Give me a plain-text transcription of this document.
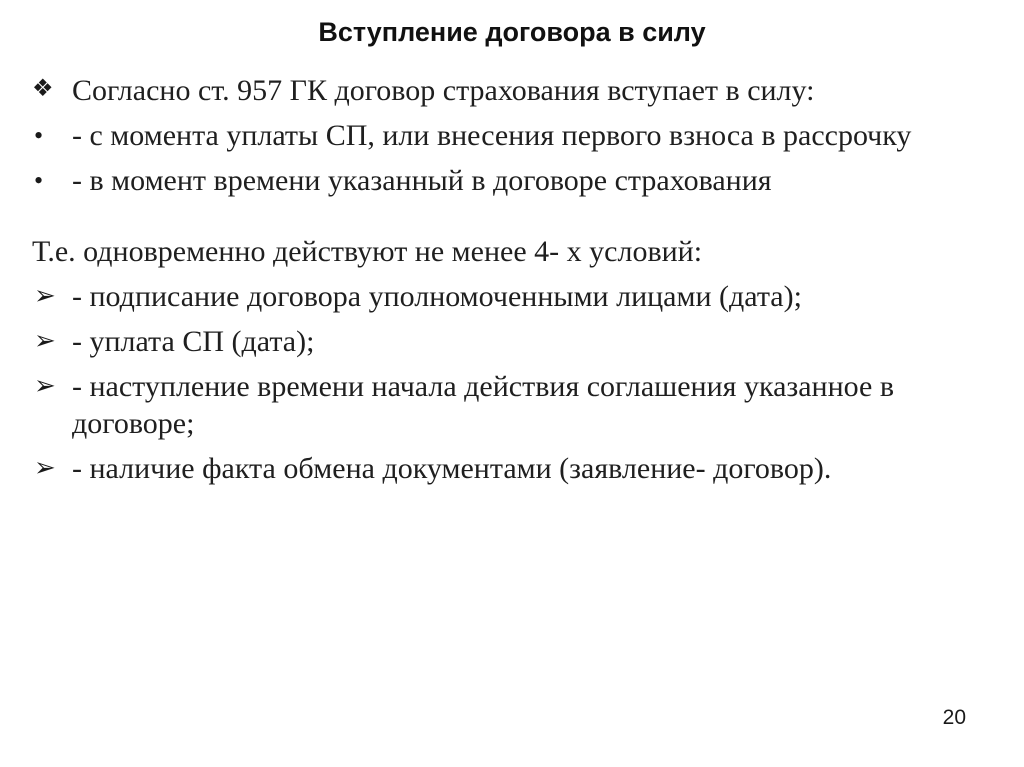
Вступление договора в силу
❖ Согласно ст. 957 ГК договор страхования вступает в силу:
• - с момента уплаты СП, или внесения первого взноса в рассрочку
• - в момент времени указанный в договоре страхования
Т.е. одновременно действуют не менее 4- х условий:
➢ - подписание договора уполномоченными лицами (дата);
➢ - уплата СП (дата);
➢ - наступление времени начала действия соглашения указанное в договоре;
➢ - наличие факта обмена документами (заявление- договор).
20
